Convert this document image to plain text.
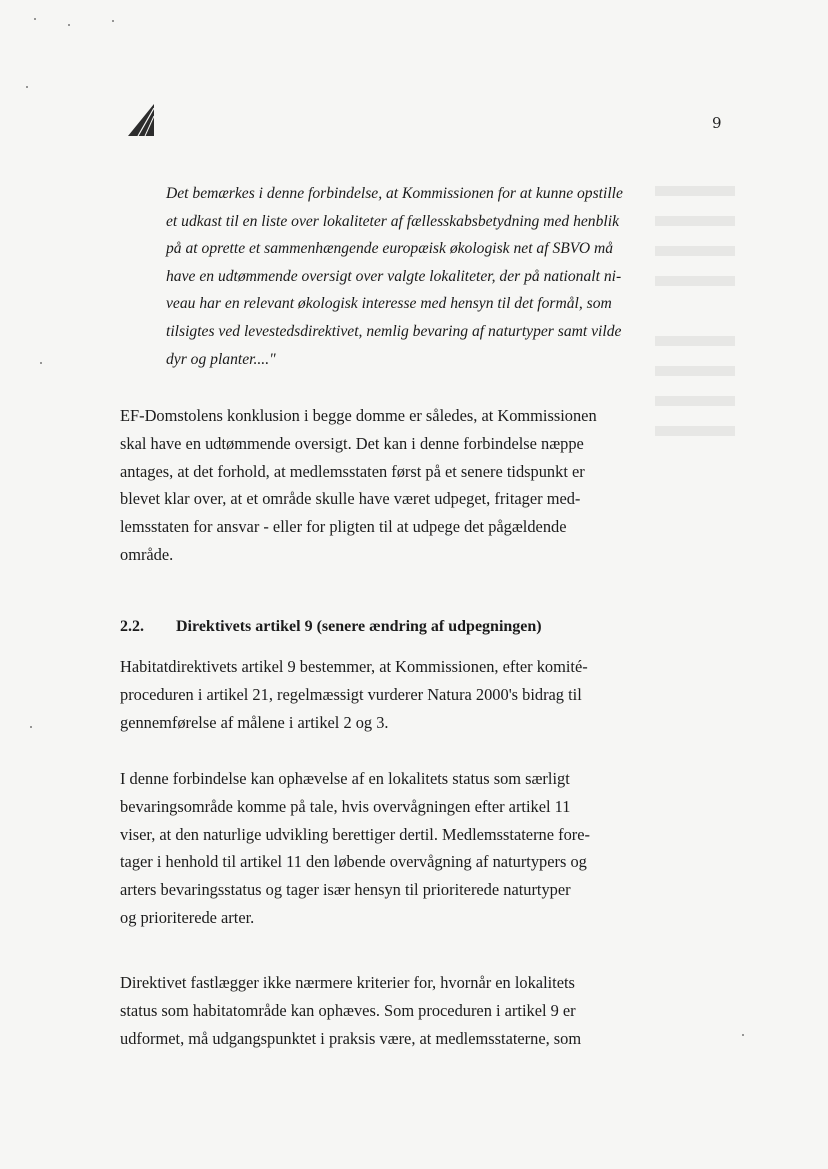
9
Det bemærkes i denne forbindelse, at Kommissionen for at kunne opstille
et udkast til en liste over lokaliteter af fællesskabsbetydning med henblik
på at oprette et sammenhængende europæisk økologisk net af SBVO må
have en udtømmende oversigt over valgte lokaliteter, der på nationalt ni-
veau har en relevant økologisk interesse med hensyn til det formål, som
tilsigtes ved levestedsdirektivet, nemlig bevaring af naturtyper samt vilde
dyr og planter...."
EF-Domstolens konklusion i begge domme er således, at Kommissionen
skal have en udtømmende oversigt. Det kan i denne forbindelse næppe
antages, at det forhold, at medlemsstaten først på et senere tidspunkt er
blevet klar over, at et område skulle have været udpeget, fritager med-
lemsstaten for ansvar - eller for pligten til at udpege det pågældende
område.
2.2. Direktivets artikel 9 (senere ændring af udpegningen)
Habitatdirektivets artikel 9 bestemmer, at Kommissionen, efter komité-
proceduren i artikel 21, regelmæssigt vurderer Natura 2000's bidrag til
gennemførelse af målene i artikel 2 og 3.
I denne forbindelse kan ophævelse af en lokalitets status som særligt
bevaringsområde komme på tale, hvis overvågningen efter artikel 11
viser, at den naturlige udvikling berettiger dertil. Medlemsstaterne fore-
tager i henhold til artikel 11 den løbende overvågning af naturtypers og
arters bevaringsstatus og tager især hensyn til prioriterede naturtyper
og prioriterede arter.
Direktivet fastlægger ikke nærmere kriterier for, hvornår en lokalitets
status som habitatområde kan ophæves. Som proceduren i artikel 9 er
udformet, må udgangspunktet i praksis være, at medlemsstaterne, som
